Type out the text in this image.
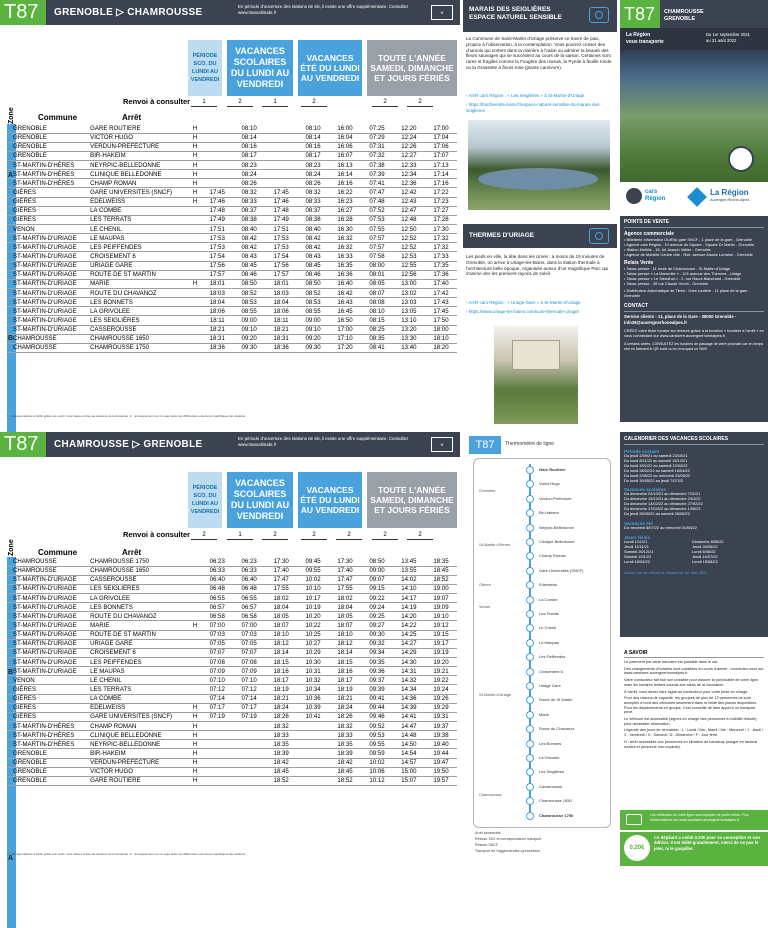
T87	GRENOBLE ▷ CHAMROUSSE
En période d'ouverture des stations de ski, il existe une offre supplémentaire. Consultez www.transaltitude.fr	≋
PÉRIODE SCO. DU LUNDI AU VENDREDI
VACANCES SCOLAIRES DU LUNDI AU VENDREDI
VACANCES ÉTÉ DU LUNDI AU VENDREDI
TOUTE L'ANNÉE SAMEDI, DIMANCHE ET JOURS FÉRIÉS
Renvoi à consulter	1	2	1	2	2	2
Commune	Arrêt
Zone
A
B
GRENOBLE	GARE ROUTIERE	H		08:10		08:10	16:00	07:25	12:20	17:00
GRENOBLE	VICTOR HUGO	H		08:14		08:14	16:04	07:29	12:24	17:04
GRENOBLE	VERDUN-PREFECTURE	H		08:16		08:16	16:06	07:31	12:26	17:06
GRENOBLE	BIR-HAKEIM	H		08:17		08:17	16:07	07:32	12:27	17:07
ST-MARTIN-D'HÈRES	NEYRPIC-BELLEDONNE	H		08:23		08:23	16:13	07:38	12:33	17:13
ST-MARTIN-D'HÈRES	CLINIQUE BELLEDONNE	H		08:24		08:24	16:14	07:39	12:34	17:14
ST-MARTIN-D'HÈRES	CHAMP ROMAN	H		08:26		08:26	16:16	07:41	12:36	17:16
GIÈRES	GARE UNIVERSITES (SNCF)	H	17:45	08:32	17:45	08:32	16:22	07:47	12:42	17:22
GIÈRES	EDELWEISS	H	17:46	08:33	17:46	08:33	16:23	07:48	12:43	17:23
GIÈRES	LA COMBE		17:48	08:37	17:48	08:37	16:27	07:52	12:47	17:27
GIÈRES	LES TERRATS		17:49	08:38	17:49	08:38	16:28	07:53	12:48	17:28
VENON	LE CHENIL		17:51	08:40	17:51	08:40	16:30	07:55	12:50	17:30
ST-MARTIN-D'URIAGE	LE MAUPAS		17:53	08:42	17:53	08:42	16:32	07:57	12:52	17:32
ST-MARTIN-D'URIAGE	LES PEIFFENDES		17:53	08:42	17:53	08:42	16:32	07:57	12:52	17:32
ST-MARTIN-D'URIAGE	CROISEMENT 6		17:54	08:43	17:54	08:43	16:33	07:58	12:53	17:33
ST-MARTIN-D'URIAGE	URIAGE GARE		17:56	08:45	17:56	08:45	16:35	08:00	12:55	17:35
ST-MARTIN-D'URIAGE	ROUTE DE ST MARTIN		17:57	08:46	17:57	08:46	16:36	08:01	12:56	17:36
ST-MARTIN-D'URIAGE	MARIE	H	18:01	08:50	18:01	08:50	16:40	08:05	13:00	17:40
ST-MARTIN-D'URIAGE	ROUTE DU CHAVANOZ		18:03	08:52	18:03	08:52	16:42	08:07	13:02	17:42
ST-MARTIN-D'URIAGE	LES BONNETS		18:04	08:53	18:04	08:53	16:43	08:08	13:03	17:43
ST-MARTIN-D'URIAGE	LA GRIVOLEE		18:06	08:55	18:06	08:55	16:45	08:10	13:05	17:45
ST-MARTIN-D'URIAGE	LES SEIGLIÈRES		18:11	09:00	18:11	09:00	16:50	08:15	13:10	17:50
ST-MARTIN-D'URIAGE	CASSEROUSSE		18:21	09:10	18:21	09:10	17:00	08:25	13:20	18:00
CHAMROUSSE	CHAMROUSSE 1650		18:31	09:20	18:31	09:20	17:10	08:35	13:30	18:10
CHAMROUSSE	CHAMROUSSE 1750		18:36	09:30	18:36	09:30	17:20	08:41	13:40	18:20
1 : correspondance à hollis grâce aux ouvrir vous hautes prises au-dessous de la demande. 2 : renseignement sur ce sujet selon les différentes ouvertures spécifiques des stations.
T87	CHAMROUSSE ▷ GRENOBLE
En période d'ouverture des stations de ski, il existe une offre supplémentaire. Consultez www.transaltitude.fr	≋
PÉRIODE SCO. DU LUNDI AU VENDREDI
VACANCES SCOLAIRES DU LUNDI AU VENDREDI
VACANCES ÉTÉ DU LUNDI AU VENDREDI
TOUTE L'ANNÉE SAMEDI, DIMANCHE ET JOURS FÉRIÉS
Renvoi à consulter	2	1	2	2	2	2	2
Commune	Arrêt
Zone
B
A
CHAMROUSSE	CHAMROUSSE 1750		06:23	06:23	17:30	09:45	17:30	08:50	13:45	18:35
CHAMROUSSE	CHAMROUSSE 1650		06:33	06:33	17:40	09:55	17:40	09:00	13:55	18:45
ST-MARTIN-D'URIAGE	CASSEROUSSE		06:40	06:40	17:47	10:02	17:47	09:07	14:02	18:52
ST-MARTIN-D'URIAGE	LES SEIGLIERES		06:48	06:48	17:55	10:10	17:55	09:15	14:10	19:00
ST-MARTIN-D'URIAGE	LA GRIVOLEE		06:55	06:55	18:02	10:17	18:02	09:22	14:17	19:07
ST-MARTIN-D'URIAGE	LES BONNETS		06:57	06:57	18:04	10:19	18:04	09:24	14:19	19:09
ST-MARTIN-D'URIAGE	ROUTE DU CHAVANOZ		06:58	06:58	18:05	10:20	18:05	09:25	14:20	19:10
ST-MARTIN-D'URIAGE	MARIE	H	07:00	07:00	18:07	10:22	18:07	09:27	14:22	19:12
ST-MARTIN-D'URIAGE	ROUTE DE ST MARTIN		07:03	07:03	18:10	10:25	18:10	09:30	14:25	19:15
ST-MARTIN-D'URIAGE	URIAGE GARE		07:05	07:05	18:12	10:27	18:12	09:32	14:27	19:17
ST-MARTIN-D'URIAGE	CROISEMENT 6		07:07	07:07	18:14	10:29	18:14	09:34	14:29	19:19
ST-MARTIN-D'URIAGE	LES PEIFFENDES		07:08	07:08	18:15	10:30	18:15	09:35	14:30	19:20
ST-MARTIN-D'URIAGE	LE MAUPAS		07:09	07:09	18:16	10:31	18:16	09:36	14:31	19:21
VENON	LE CHENIL		07:10	07:10	18:17	10:32	18:17	09:37	14:32	19:22
GIÈRES	LES TERRATS		07:12	07:12	18:19	10:34	18:19	09:39	14:34	19:24
GIÈRES	LA COMBE		07:14	07:14	18:21	10:36	18:21	09:41	14:36	19:26
GIÈRES	EDELWEISS	H	07:17	07:17	18:24	10:39	18:24	09:44	14:39	19:29
GIÈRES	GARE UNIVERSITES (SNCF)	H	07:19	07:19	18:26	10:41	18:26	09:46	14:41	19:31
ST-MARTIN-D'HÈRES	CHAMP ROMAN	H			18:32		18:32	09:52	14:47	19:37
ST-MARTIN-D'HÈRES	CLINIQUE BELLEDONNE	H			18:33		18:33	09:53	14:48	19:38
ST-MARTIN-D'HÈRES	NEYRPIC-BELLEDONNE	H			18:35		18:35	09:55	14:50	19:40
GRENOBLE	BIR-HAKEIM	H			18:39		18:39	09:59	14:54	19:44
GRENOBLE	VERDUN-PREFECTURE	H			18:42		18:42	10:02	14:57	19:47
GRENOBLE	VICTOR HUGO	H			18:45		18:45	10:06	15:00	19:50
GRENOBLE	GARE ROUTIERE	H			18:52		18:52	10:12	15:07	19:57
1 : correspondance à hollis grâce aux ouvrir vous hautes prises au-dessous de la demande. 2 : renseignement sur ce sujet selon les différentes ouvertures spécifiques des stations.
MARAIS DES SEIGLIÈRES
ESPACE NATUREL SENSIBLE
La Commune de Saint-Martin d'Uriage préserve ce havre de paix, propice à l'observation, à la contemplation. Vous pourrez croiser des chamois qui sortent dans la clairière à l'aube ou admirer la beauté des fleurs sauvages qui se succèdent au cours de la saison. Certaines sont rares et fragiles comme la Fougère des marais, la Pyrole à feuille ronde ou la Grassette à fleurs rose (plante carnivore).
› Arrêt cars Région : « Les Seiglières » à St-Martin-d'Uriage
› https://biodiversite.isere.fr/espace-naturel-sensible-du-marais-des-seiglieres
THERMES D'URIAGE
Les pieds en ville, la tête dans les cimes : à moins de 15 minutes de Grenoble, on arrive à Uriage-les-Bains, dans la station thermale à l'architecture belle époque, organisée autour d'un magnifique Parc qui s'anime des les premiers rayons de soleil.
› Arrêt cars Région : « Uriage Gare » à St-Martin-d'Uriage
› https://www.uriage-les-bains.com/cure-thermale-uriage/
T87	CHAMROUSSE
GRENOBLE
La Région
vous transporte
Du 1er septembre 2021
au 31 août 2022
cars
Région
La Région
Auvergne-Rhône-Alpes
POINTS DE VENTE
Agence commerciale
• Billetterie Information OUIRA! gare SNCF - 1 place de la gare - Grenoble
• Agence cars Région : 10 avenue du Square - Square Dr Martin - Grenoble
• Station Mobilis - 15, bd Joseph Vallier - Grenoble
• Agence de Mobilité Centre ville - Rue, avenue Alsace Lorraine - Grenoble
Relais Vente
• Tabac presse : 11 route de Chamrousse - St-Martin-d'Uriage
• Tabac presse « La Marmotte » - 101 avenue des Thermes - Uriage
• Tabac presse « Le Stendhal » - 2, rue Raoul Blanchard - Grenoble
• Tabac presse - 28 rue Claude Genin - Grenoble
• Distributeur Automatique de Titres : Gare routière - 11 place de la gare - Grenoble
CONTACT
Service clients - 11, place de la Gare - 38000 Grenoble - info38@auvergnerhonealpes.fr
CRÉEZ votre fiche horaire sur mesure grâce à la fonction « horaires à l'arrêt » en vous connectant sur www.carsisere.auvergnerhonealpes.fr
A certains arrêts, CONSULTEZ les horaires de passage de votre prochain car en temps réel en flashant le QR code ou en envoyant un SMS
CALENDRIER DES VACANCES SCOLAIRES
Période scolaire
Du jeudi 2/09/21 au samedi 23/10/21
Du lundi 8/11/21 au samedi 18/12/21
Du lundi 3/01/22 au samedi 12/02/22
Du lundi 28/02/22 au samedi 16/04/22
Du lundi 2/05/22 au mercredi 25/05/22
Du lundi 30/05/22 au jeudi 7/07/22
Vacances scolaires
Du dimanche 24/10/21 au dimanche 7/11/21
Du dimanche 19/12/21 au dimanche 2/01/22
Du dimanche 13/02/22 au dimanche 27/02/22
Du dimanche 17/04/22 au dimanche 1/05/22
Du jeudi 26/05/22 au samedi 28/05/22
Vacances été
Du vendredi 8/07/22 au mercredi 31/08/22
Jours fériés
Lundi 1/11/21
Jeudi 11/11/21
Samedi 25/12/21
Samedi 1/01/22
Lundi 18/04/22
Dimanche 8/05/22
Jeudi 26/05/22
Lundi 6/06/22
Jeudi 14/07/22
Lundi 15/08/22
Aucun car ne circule le dimanche 1er mai 2022
A SAVOIR
Le paiement par carte bancaire est possible dans le car.
Des changements d'horaires sont possibles en cours d'année : connectez-vous sur www.carsisere.auvergnerhonealpes.fr
Votre conducteur fait tout son possible pour assurer la ponctualité de votre ligne, mais les horaires restent soumis aux aléas de la circulation.
À l'arrêt, vous devez faire signe au conducteur pour votre prise en charge.
Pour des raisons de capacité, les groupes de plus de 12 personnes ne sont acceptés à bord des véhicules seulement dans la limite des places disponibles. Pour les déplacements en groupe, il est conseillé de faire appel à un transport privé.
Le véhicule est accessible (signes en charge des personnes à mobilité réduite) peut nécessiter réservation.
Légende des jours de circulation : L : Lundi / Ma : Mardi / Me : Mercredi / J : Jeudi / V : Vendredi / S : Samedi / D : Dimanche / F : Jour férié.
H : arrêt accessible aux personnes en situation de handicap (usager en fauteuil roulant et personne non-voyante).
Les véhicules de votre ligne sont équipés de porte-vélos. Plus d'informations sur www.carsisere.auvergnerhonealpes.fr
0,20€
Ce dépliant a coûté 0.20€ pour sa conception et son édition. Il est édité gratuitement, merci de ne pas le jeter, ni le gaspiller.
T87	Thermomètre de ligne
Gare Routière
Victor Hugo
Verdun-Préfecture
Bir-Hakeim
Neyrpic-Belledonne
Clinique Belledonne
Champ Roman
Gare Universités (SNCF)
Edelweiss
La Combe
Les Terrats
Le Chenil
Le Maupas
Les Peiffendes
Croisement 6
Uriage Gare
Route de St Martin
Marie
Route du Chavanoz
Les Bonnets
La Grivolée
Les Seiglières
Casserousse
Chamrousse 1650
Chamrousse 1750
Grenoble
St-Martin-d'Hères
Gières
Venon
St-Martin-d'Uriage
Chamrousse
Arrêt accessible
Réseau TAG et correspondance transport
Réseau SNCF
Transport de l'agglomération grenobloise
